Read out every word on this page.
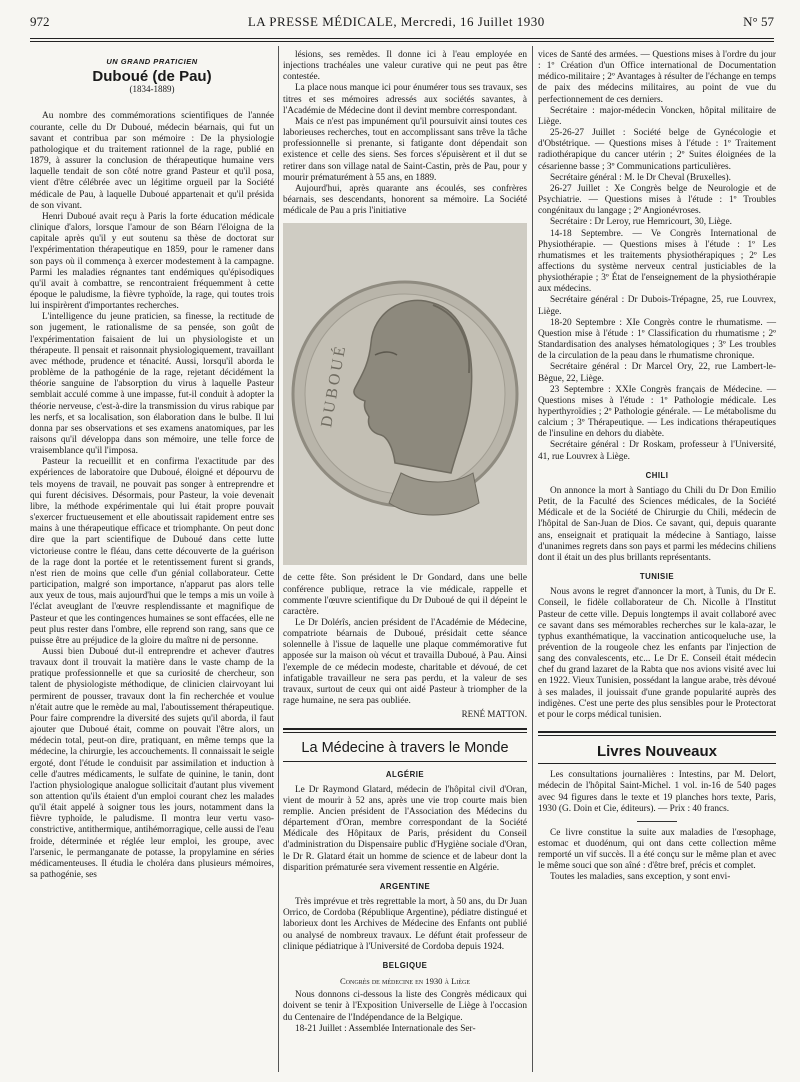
972	LA PRESSE MÉDICALE, Mercredi, 16 Juillet 1930	N° 57
UN GRAND PRATICIEN
Duboué (de Pau)
(1834-1889)

Au nombre des commémorations scientifiques de l'année courante, celle du Dr Duboué, médecin béarnais, qui fut un savant et contribua par son mémoire : De la physiologie pathologique et du traitement rationnel de la rage, publié en 1879, à assurer la conclusion de thérapeutique humaine vers laquelle tendait de son côté notre grand Pasteur et qu'il posa, vient d'être célébrée avec un légitime orgueil par la Société médicale de Pau, à laquelle Duboué appartenait et qu'il présida de son vivant.

Henri Duboué avait reçu à Paris la forte éducation médicale clinique d'alors, lorsque l'amour de son Béarn l'éloigna de la capitale après qu'il y eut soutenu sa thèse de doctorat sur l'expérimentation thérapeutique en 1859, pour le ramener dans son pays où il commença à exercer modestement à la campagne. Parmi les maladies régnantes tant endémiques qu'épisodiques qu'il avait à combattre, se rencontraient fréquemment à cette époque le paludisme, la fièvre typhoïde, la rage, qui toutes trois lui inspirèrent d'importantes recherches.

L'intelligence du jeune praticien, sa finesse, la rectitude de son jugement, le rationalisme de sa pensée, son goût de l'expérimentation faisaient de lui un physiologiste et un thérapeute. Il pensait et raisonnait physiologiquement, travaillant avec méthode, prudence et ténacité. Aussi, lorsqu'il aborda le problème de la pathogénie de la rage, rejetant décidément la théorie sanguine de l'absorption du virus à laquelle Pasteur semblait acculé comme à une impasse, fut-il conduit à adopter la théorie nerveuse, c'est-à-dire la transmission du virus rabique par les nerfs, et sa localisation, son élaboration dans le bulbe. Il lui donna par ses observations et ses examens anatomiques, par les raisons qu'il développa dans son mémoire, une telle force de vraisemblance qu'il l'imposa.

Pasteur la recueillit et en confirma l'exactitude par des expériences de laboratoire que Duboué, éloigné et dépourvu de tels moyens de travail, ne pouvait pas songer à entreprendre et qui furent décisives. Désormais, pour Pasteur, la voie devenait libre, la méthode expérimentale qui lui était propre pouvait s'exercer fructueusement et elle aboutissait rapidement entre ses mains à une thérapeutique efficace et triomphante. On peut donc dire que la part scientifique de Duboué dans cette lutte victorieuse contre le fléau, dans cette découverte de la guérison de la rage dont la portée et le retentissement furent si grands, n'est rien de moins que celle d'un génial collaborateur. Cette participation, malgré son importance, n'apparut pas alors telle aux yeux de tous, mais aujourd'hui que le temps a mis un voile à l'éclat aveuglant de l'œuvre resplendissante et magnifique de Pasteur et que les contingences humaines se sont effacées, elle ne peut plus rester dans l'ombre, elle reprend son rang, sans que ce puisse être au préjudice de la gloire du maître ni de personne.

Aussi bien Duboué dut-il entreprendre et achever d'autres travaux dont il trouvait la matière dans le vaste champ de la pratique professionnelle et que sa curiosité de chercheur, son talent de physiologiste méthodique, de clinicien clairvoyant lui permirent de pousser, travaux dont la fin recherchée et voulue n'était autre que le remède au mal, l'aboutissement thérapeutique. Pour faire comprendre la diversité des sujets qu'il aborda, il faut ajouter que Duboué était, comme on pouvait l'être alors, un médecin total, peut-on dire, pratiquant, en même temps que la médecine, la chirurgie, les accouchements. Il connaissait le seigle ergoté, dont l'étude le conduisit par assimilation et induction à celle d'autres médicaments, le sulfate de quinine, le tanin, dont l'action physiologique analogue sollicitait d'autant plus vivement son attention qu'ils étaient d'un emploi courant chez les malades qu'il était appelé à soigner tous les jours, notamment dans la fièvre typhoïde, le paludisme. Il montra leur vertu vaso-constrictive, antithermique, antihémorragique, celle aussi de l'eau froide, déterminée et réglée leur emploi, les groupe, avec l'arsenic, le permanganate de potasse, la propylamine en séries médicamenteuses. Il étudia le choléra dans plusieurs mémoires, sa pathogénie, ses

lésions, ses remèdes. Il donne ici à l'eau employée en injections trachéales une valeur curative qui ne peut pas être contestée.

La place nous manque ici pour énumérer tous ses travaux, ses titres et ses mémoires adressés aux sociétés savantes, à l'Académie de Médecine dont il devint membre correspondant.

Mais ce n'est pas impunément qu'il poursuivit ainsi toutes ces laborieuses recherches, tout en accomplissant sans trêve la tâche professionnelle si prenante, si fatigante dont dépendait son existence et celle des siens. Ses forces s'épuisèrent et il dut se retirer dans son village natal de Saint-Castin, près de Pau, pour y mourir prématurément à 55 ans, en 1889.

Aujourd'hui, après quarante ans écoulés, ses confrères béarnais, ses descendants, honorent sa mémoire. La Société médicale de Pau a pris l'initiative

DUBOUÉ

de cette fête. Son président le Dr Gondard, dans une belle conférence publique, retrace la vie médicale, rappelle et commente l'œuvre scientifique du Dr Duboué de qui il dépeint le caractère.

Le Dr Dolérîs, ancien président de l'Académie de Médecine, compatriote béarnais de Duboué, présidait cette séance solennelle à l'issue de laquelle une plaque commémorative fut apposée sur la maison où vécut et travailla Duboué, à Pau. Ainsi l'exemple de ce médecin modeste, charitable et dévoué, de cet infatigable travailleur ne sera pas perdu, et la valeur de ses travaux, surtout de ceux qui ont aidé Pasteur à triompher de la rage humaine, ne sera pas oubliée.

RENÉ MATTON.
La Médecine à travers le Monde
ALGÉRIE

Le Dr Raymond Glatard, médecin de l'hôpital civil d'Oran, vient de mourir à 52 ans, après une vie trop courte mais bien remplie. Ancien président de l'Association des Médecins du département d'Oran, membre correspondant de la Société Médicale des Hôpitaux de Paris, président du Conseil d'administration du Dispensaire public d'Hygiène sociale d'Oran, le Dr R. Glatard était un homme de science et de labeur dont la disparition prématurée sera vivement ressentie en Algérie.

ARGENTINE

Très imprévue et très regrettable la mort, à 50 ans, du Dr Juan Orrico, de Cordoba (République Argentine), pédiatre distingué et laborieux dont les Archives de Médecine des Enfants ont publié ou analysé de nombreux travaux. Le défunt était professeur de clinique pédiatrique à l'Université de Cordoba depuis 1924.

BELGIQUE
Congrès de médecine en 1930 à Liège

Nous donnons ci-dessous la liste des Congrès médicaux qui doivent se tenir à l'Exposition Universelle de Liège à l'occasion du Centenaire de l'Indépendance de la Belgique.

18-21 Juillet : Assemblée Internationale des Ser-

vices de Santé des armées. — Questions mises à l'ordre du jour : 1º Création d'un Office international de Documentation médico-militaire ; 2º Avantages à résulter de l'échange en temps de paix des médecins militaires, au point de vue du perfectionnement de ces derniers.

Secrétaire : major-médecin Voncken, hôpital militaire de Liège.

25-26-27 Juillet : Société belge de Gynécologie et d'Obstétrique. — Questions mises à l'étude : 1º Traitement radiothérapique du cancer utérin ; 2º Suites éloignées de la césarienne basse ; 3º Communications particulières.

Secrétaire général : M. le Dr Cheval (Bruxelles).

26-27 Juillet : Xe Congrès belge de Neurologie et de Psychiatrie. — Questions mises à l'étude : 1º Troubles congénitaux du langage ; 2º Angionévroses.

Secrétaire : Dr Leroy, rue Hemricourt, 30, Liège.

14-18 Septembre. — Ve Congrès International de Physiothérapie. — Questions mises à l'étude : 1º Les rhumatismes et les traitements physiothérapiques ; 2º Les affections du système nerveux central justiciables de la physiothérapie ; 3º État de l'enseignement de la physiothérapie aux médecins.

Secrétaire général : Dr Dubois-Trépagne, 25, rue Louvrex, Liège.

18-20 Septembre : XIe Congrès contre le rhumatisme. — Question mise à l'étude : 1º Classification du rhumatisme ; 2º Standardisation des analyses hématologiques ; 3º Les troubles de la circulation de la peau dans le rhumatisme chronique.

Secrétaire général : Dr Marcel Ory, 22, rue Lambert-le-Bègue, 22, Liège.

23 Septembre : XXIe Congrès français de Médecine. — Questions mises à l'étude : 1º Pathologie médicale. Les hyperthyroïdies ; 2º Pathologie générale. — Le métabolisme du calcium ; 3º Thérapeutique. — Les indications thérapeutiques de l'insuline en dehors du diabète.

Secrétaire général : Dr Roskam, professeur à l'Université, 41, rue Louvrex à Liège.

CHILI

On annonce la mort à Santiago du Chili du Dr Don Emilio Petit, de la Faculté des Sciences médicales, de la Société Médicale et de la Société de Chirurgie du Chili, médecin de l'hôpital de San-Juan de Dios. Ce savant, qui, depuis quarante ans, enseignait et pratiquait la médecine à Santiago, laisse d'unanimes regrets dans son pays et parmi les médecins chiliens dont il était un des plus brillants représentants.

TUNISIE

Nous avons le regret d'annoncer la mort, à Tunis, du Dr E. Conseil, le fidèle collaborateur de Ch. Nicolle à l'Institut Pasteur de cette ville. Depuis longtemps il avait collaboré avec ce savant dans ses mémorables recherches sur le kala-azar, le typhus exanthématique, la vaccination anticoqueluche use, la prévention de la rougeole chez les enfants par l'injection de sang des convalescents, etc... Le Dr E. Conseil était médecin chef du grand lazaret de la Rabta que nos avions visité avec lui en 1922. Vieux Tunisien, possédant la langue arabe, très dévoué à ses malades, il jouissait d'une grande popularité auprès des indigènes. C'est une perte des plus sensibles pour le Protectorat et pour le corps médical tunisien.

Livres Nouveaux

Les consultations journalières : Intestins, par M. Delort, médecin de l'hôpital Saint-Michel. 1 vol. in-16 de 540 pages avec 94 figures dans le texte et 19 planches hors texte, Paris, 1930 (G. Doin et Cie, éditeurs). — Prix : 40 francs.

Ce livre constitue la suite aux maladies de l'œsophage, estomac et duodénum, qui ont dans cette collection même remporté un vif succès. Il a été conçu sur le même plan et avec le même souci que son aîné : d'être bref, précis et complet.

Toutes les maladies, sans exception, y sont envi-
